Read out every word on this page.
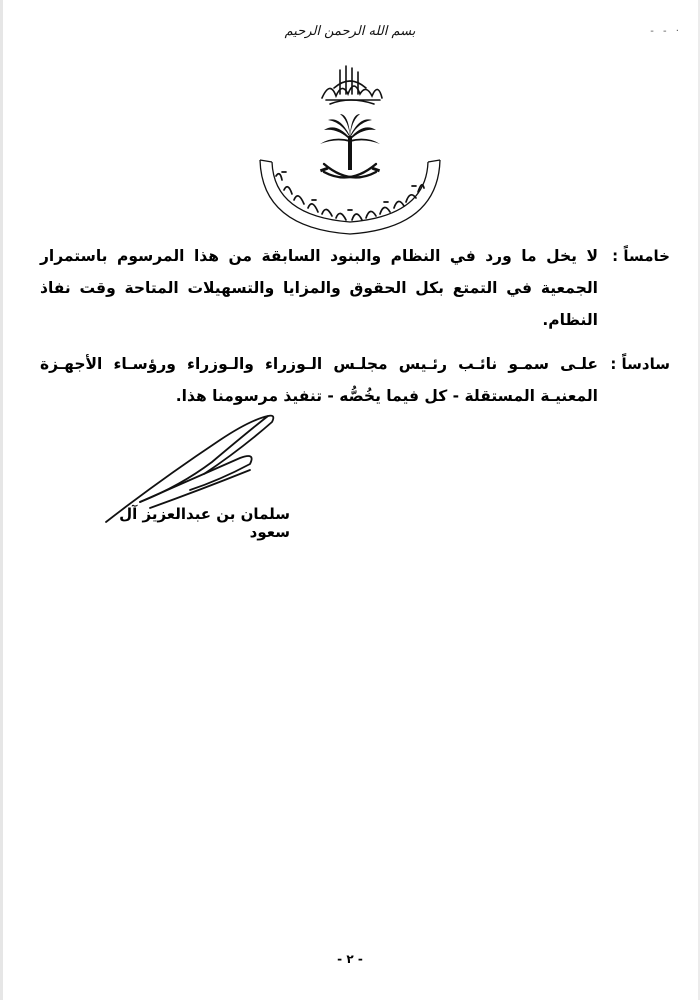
- - ·
بسم الله الرحمن الرحيم
خامساً :
لا يخل ما ورد في النظام والبنود السابقة من هذا المرسوم باستمرار الجمعية في التمتع بكل الحقوق والمزايا والتسهيلات المتاحة وقت نفاذ النظام.
سادساً :
علـى سمـو نائـب رئـيس مجلـس الـوزراء والـوزراء ورؤسـاء الأجهـزة المعنيـة المستقلة - كل فيما يخُصُّه - تنفيذ مرسومنا هذا.
سلمان بن عبدالعزيز آل سعود
- ٢ -
